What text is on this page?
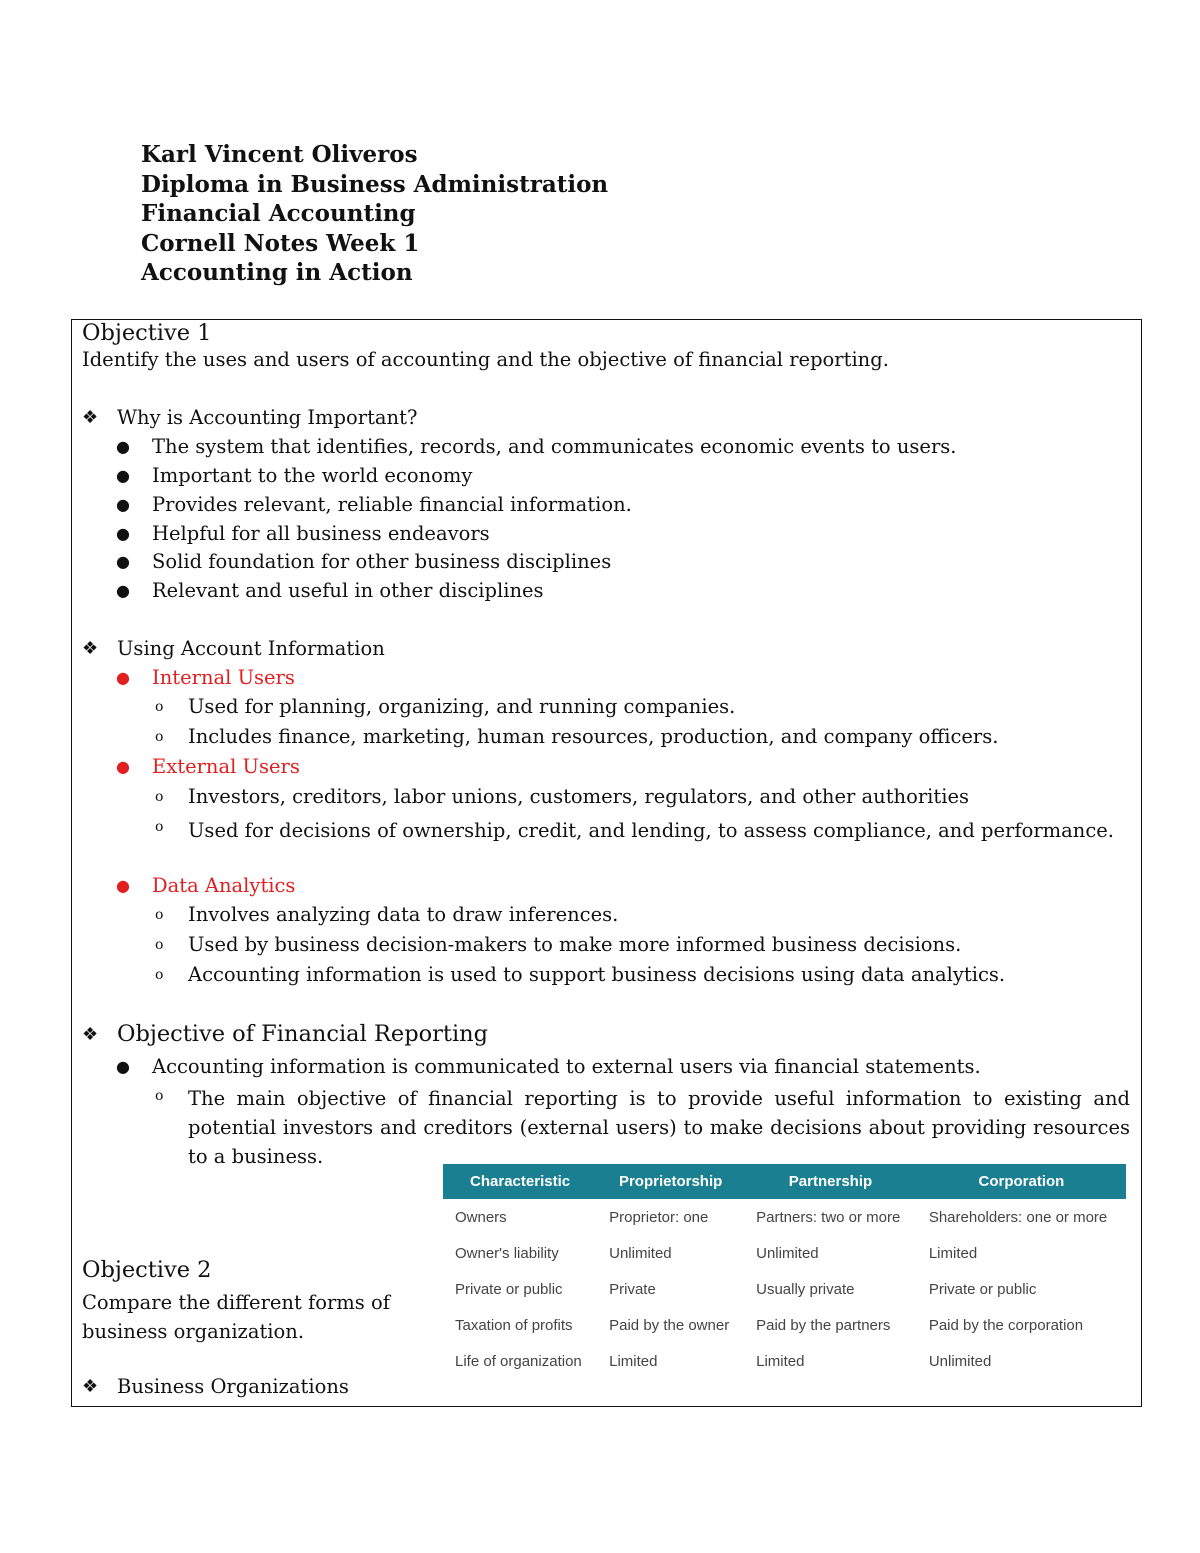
Karl Vincent Oliveros
Diploma in Business Administration
Financial Accounting
Cornell Notes Week 1
Accounting in Action
Objective 1
Identify the uses and users of accounting and the objective of financial reporting.
❖ Why is Accounting Important?
● The system that identifies, records, and communicates economic events to users.
● Important to the world economy
● Provides relevant, reliable financial information.
● Helpful for all business endeavors
● Solid foundation for other business disciplines
● Relevant and useful in other disciplines
❖ Using Account Information
● Internal Users
o Used for planning, organizing, and running companies.
o Includes finance, marketing, human resources, production, and company officers.
● External Users
o Investors, creditors, labor unions, customers, regulators, and other authorities
o Used for decisions of ownership, credit, and lending, to assess compliance, and performance.
● Data Analytics
o Involves analyzing data to draw inferences.
o Used by business decision-makers to make more informed business decisions.
o Accounting information is used to support business decisions using data analytics.
❖ Objective of Financial Reporting
● Accounting information is communicated to external users via financial statements.
o The main objective of financial reporting is to provide useful information to existing and potential investors and creditors (external users) to make decisions about providing resources to a business.
Objective 2
Compare the different forms of business organization.
❖ Business Organizations
Characteristic	Proprietorship	Partnership	Corporation
Owners	Proprietor: one	Partners: two or more	Shareholders: one or more
Owner's liability	Unlimited	Unlimited	Limited
Private or public	Private	Usually private	Private or public
Taxation of profits	Paid by the owner	Paid by the partners	Paid by the corporation
Life of organization	Limited	Limited	Unlimited
